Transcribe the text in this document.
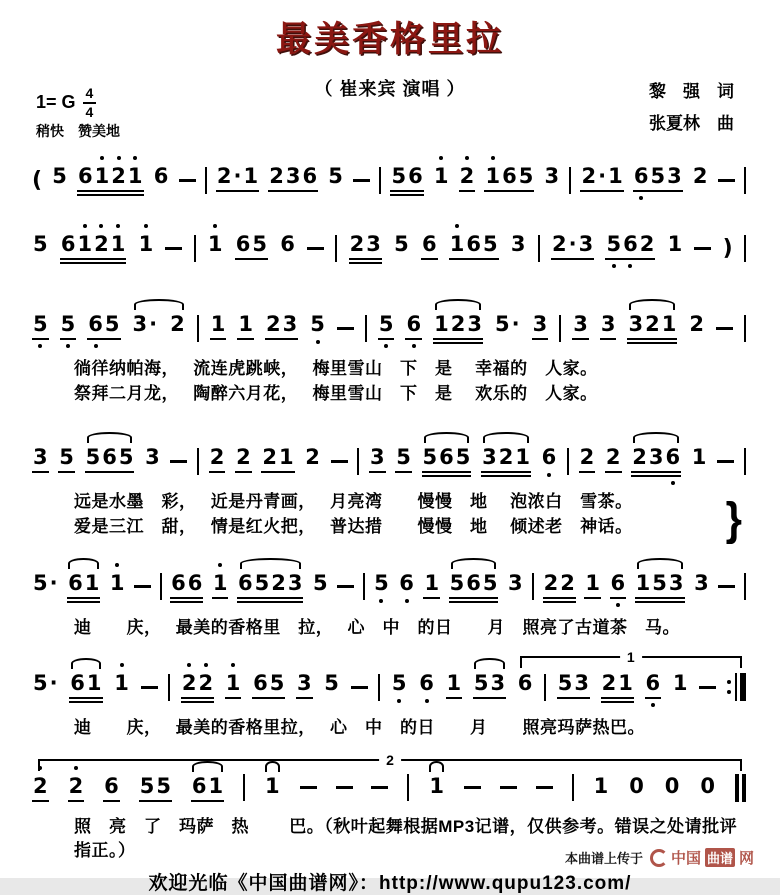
最美香格里拉
（ 崔来宾 演唱 ）	黎　强　词
张夏林　曲
1= G $\frac{4}{4}$
稍快　赞美地
( 5 6121 6 2·1 236 5 56 1 2 165 3 2·1 653 2
5 6121 1	1 65 6	23 5 6 165 3 2·3 562 1 )
5 5 65 3· 2 1 1 23 5	5 6 123 5· 3 3 3 321 2
徜徉纳帕海，　 流连虎跳峡，　 梅里雪山　下　是　 幸福的　人家。
祭拜二月龙，　 陶醉六月花，　 梅里雪山　下　是　 欢乐的　人家。
3 5 565 3 2 2 21 2 3 5 565 321 6 2 2 236 1
远是水墨　彩，　 近是丹青画，　 月亮湾　　慢慢　地　 泡浓白　雪茶。
爱是三江　甜，　 情是红火把，　 普达措　　慢慢　地　 倾述老　神话。	}
5· 61 1 66 1 6523 5 5 6 1 565 3 22 1 6 153 3
迪　　庆，　 最美的香格里　拉，　 心　中　的日　　月　照亮了古道茶　马。
1
5· 61 1	22 1 65 3 5	5 6 1 53 6 53 21 6 1
迪　　庆，　 最美的香格里拉，　 心　中　的日　　月　　照亮玛萨热巴。
2
2 2 6 55 61 1	1	1 0 0 0
照　亮　了　玛萨　热　　 巴。（秋叶起舞根据MP3记谱，仅供参考。错误之处请批评指正。）
欢迎光临《中国曲谱网》：http://www.qupu123.com/
本曲谱上传于 中国 曲谱 网
